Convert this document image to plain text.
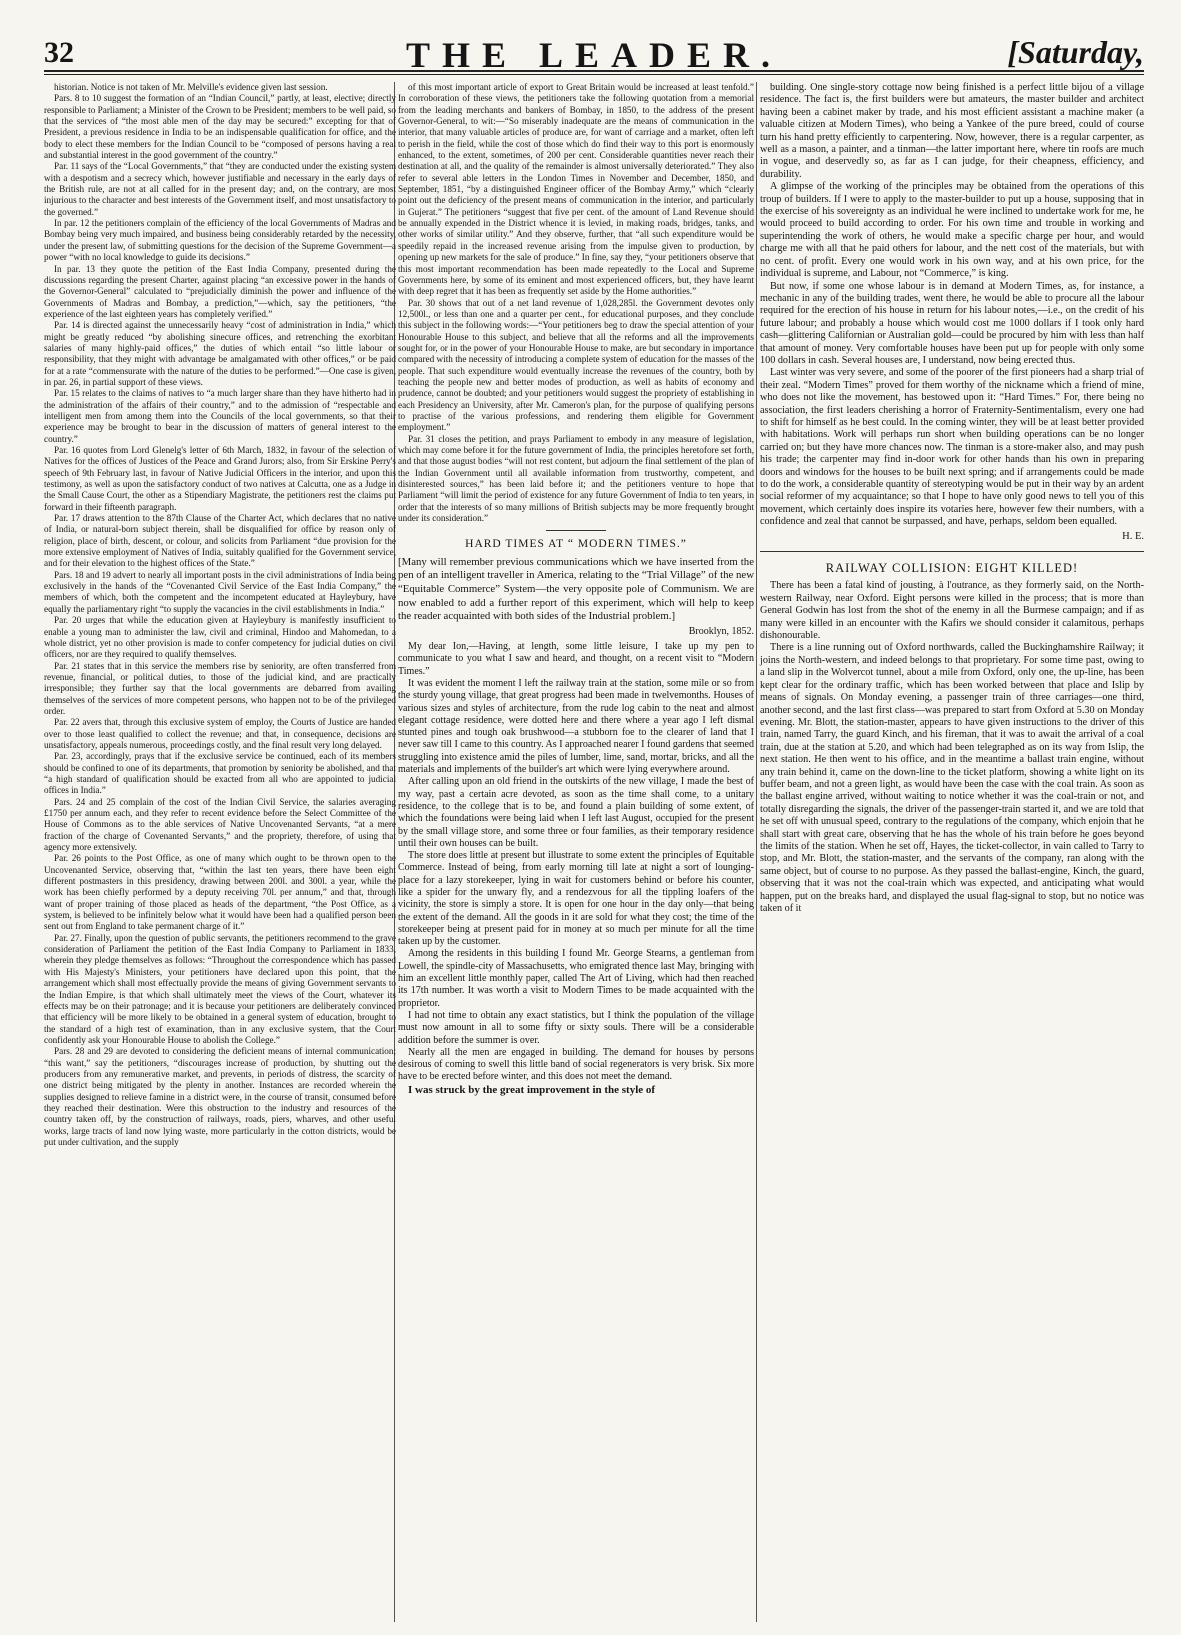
32	THE LEADER.	[Saturday,

historian. Notice is not taken of Mr. Melville's evidence given last session.

Pars. 8 to 10 suggest the formation of an “Indian Council,” partly, at least, elective; directly responsible to Parliament; a Minister of the Crown to be President; members to be well paid, so that the services of “the most able men of the day may be secured:” excepting for that of President, a previous residence in India to be an indispensable qualification for office, and the body to elect these members for the Indian Council to be “composed of persons having a real and substantial interest in the good government of the country.”

Par. 11 says of the “Local Governments,” that “they are conducted under the existing system with a despotism and a secrecy which, however justifiable and necessary in the early days of the British rule, are not at all called for in the present day; and, on the contrary, are most injurious to the character and best interests of the Government itself, and most unsatisfactory to the governed.”

In par. 12 the petitioners complain of the efficiency of the local Governments of Madras and Bombay being very much impaired, and business being considerably retarded by the necessity, under the present law, of submitting questions for the decision of the Supreme Government—a power “with no local knowledge to guide its decisions.”

In par. 13 they quote the petition of the East India Company, presented during the discussions regarding the present Charter, against placing “an excessive power in the hands of the Governor-General” calculated to “prejudicially diminish the power and influence of the Governments of Madras and Bombay, a prediction,”—which, say the petitioners, “the experience of the last eighteen years has completely verified.”

Par. 14 is directed against the unnecessarily heavy “cost of administration in India,” which might be greatly reduced “by abolishing sinecure offices, and retrenching the exorbitant salaries of many highly-paid offices,” the duties of which entail “so little labour or responsibility, that they might with advantage be amalgamated with other offices,” or be paid for at a rate “commensurate with the nature of the duties to be performed.”—One case is given, in par. 26, in partial support of these views.

Par. 15 relates to the claims of natives to “a much larger share than they have hitherto had in the administration of the affairs of their country,” and to the admission of “respectable and intelligent men from among them into the Councils of the local governments, so that their experience may be brought to bear in the discussion of matters of general interest to the country.”

Par. 16 quotes from Lord Glenelg's letter of 6th March, 1832, in favour of the selection of Natives for the offices of Justices of the Peace and Grand Jurors; also, from Sir Erskine Perry's speech of 9th February last, in favour of Native Judicial Officers in the interior, and upon this testimony, as well as upon the satisfactory conduct of two natives at Calcutta, one as a Judge in the Small Cause Court, the other as a Stipendiary Magistrate, the petitioners rest the claims put forward in their fifteenth paragraph.

Par. 17 draws attention to the 87th Clause of the Charter Act, which declares that no native of India, or natural-born subject therein, shall be disqualified for office by reason only of religion, place of birth, descent, or colour, and solicits from Parliament “due provision for the more extensive employment of Natives of India, suitably qualified for the Government service, and for their elevation to the highest offices of the State.”

Pars. 18 and 19 advert to nearly all important posts in the civil administrations of India being exclusively in the hands of the “Covenanted Civil Service of the East India Company,” the members of which, both the competent and the incompetent educated at Hayleybury, have equally the parliamentary right “to supply the vacancies in the civil establishments in India.”

Par. 20 urges that while the education given at Hayleybury is manifestly insufficient to enable a young man to administer the law, civil and criminal, Hindoo and Mahomedan, to a whole district, yet no other provision is made to confer competency for judicial duties on civil officers, nor are they required to qualify themselves.

Par. 21 states that in this service the members rise by seniority, are often transferred from revenue, financial, or political duties, to those of the judicial kind, and are practically irresponsible; they further say that the local governments are debarred from availing themselves of the services of more competent persons, who happen not to be of the privileged order.

Par. 22 avers that, through this exclusive system of employ, the Courts of Justice are handed over to those least qualified to collect the revenue; and that, in consequence, decisions are unsatisfactory, appeals numerous, proceedings costly, and the final result very long delayed.

Par. 23, accordingly, prays that if the exclusive service be continued, each of its members should be confined to one of its departments, that promotion by seniority be abolished, and that “a high standard of qualification should be exacted from all who are appointed to judicial offices in India.”

Pars. 24 and 25 complain of the cost of the Indian Civil Service, the salaries averaging £1750 per annum each, and they refer to recent evidence before the Select Committee of the House of Commons as to the able services of Native Uncovenanted Servants, “at a mere fraction of the charge of Covenanted Servants,” and the propriety, therefore, of using that agency more extensively.

Par. 26 points to the Post Office, as one of many which ought to be thrown open to the Uncovenanted Service, observing that, “within the last ten years, there have been eight different postmasters in this presidency, drawing between 200l. and 300l. a year, while the work has been chiefly performed by a deputy receiving 70l. per annum,” and that, through want of proper training of those placed as heads of the department, “the Post Office, as a system, is believed to be infinitely below what it would have been had a qualified person been sent out from England to take permanent charge of it.”

Par. 27. Finally, upon the question of public servants, the petitioners recommend to the grave consideration of Parliament the petition of the East India Company to Parliament in 1833, wherein they pledge themselves as follows: “Throughout the correspondence which has passed with His Majesty's Ministers, your petitioners have declared upon this point, that the arrangement which shall most effectually provide the means of giving Government servants to the Indian Empire, is that which shall ultimately meet the views of the Court, whatever its effects may be on their patronage; and it is because your petitioners are deliberately convinced that efficiency will be more likely to be obtained in a general system of education, brought to the standard of a high test of examination, than in any exclusive system, that the Court confidently ask your Honourable House to abolish the College.”

Pars. 28 and 29 are devoted to considering the deficient means of internal communication; “this want,” say the petitioners, “discourages increase of production, by shutting out the producers from any remunerative market, and prevents, in periods of distress, the scarcity of one district being mitigated by the plenty in another. Instances are recorded wherein the supplies designed to relieve famine in a district were, in the course of transit, consumed before they reached their destination. Were this obstruction to the industry and resources of the country taken off, by the construction of railways, roads, piers, wharves, and other useful works, large tracts of land now lying waste, more particularly in the cotton districts, would be put under cultivation, and the supply

of this most important article of export to Great Britain would be increased at least tenfold.” In corroboration of these views, the petitioners take the following quotation from a memorial from the leading merchants and bankers of Bombay, in 1850, to the address of the present Governor-General, to wit:—“So miserably inadequate are the means of communication in the interior, that many valuable articles of produce are, for want of carriage and a market, often left to perish in the field, while the cost of those which do find their way to this port is enormously enhanced, to the extent, sometimes, of 200 per cent. Considerable quantities never reach their destination at all, and the quality of the remainder is almost universally deteriorated.” They also refer to several able letters in the London Times in November and December, 1850, and September, 1851, “by a distinguished Engineer officer of the Bombay Army,” which “clearly point out the deficiency of the present means of communication in the interior, and particularly in Gujerat.” The petitioners “suggest that five per cent. of the amount of Land Revenue should be annually expended in the District whence it is levied, in making roads, bridges, tanks, and other works of similar utility.” And they observe, further, that “all such expenditure would be speedily repaid in the increased revenue arising from the impulse given to production, by opening up new markets for the sale of produce.” In fine, say they, “your petitioners observe that this most important recommendation has been made repeatedly to the Local and Supreme Governments here, by some of its eminent and most experienced officers, but, they have learnt with deep regret that it has been as frequently set aside by the Home authorities.”

Par. 30 shows that out of a net land revenue of 1,028,285l. the Government devotes only 12,500l., or less than one and a quarter per cent., for educational purposes, and they conclude this subject in the following words:—“Your petitioners beg to draw the special attention of your Honourable House to this subject, and believe that all the reforms and all the improvements sought for, or in the power of your Honourable House to make, are but secondary in importance compared with the necessity of introducing a complete system of education for the masses of the people. That such expenditure would eventually increase the revenues of the country, both by teaching the people new and better modes of production, as well as habits of economy and prudence, cannot be doubted; and your petitioners would suggest the propriety of establishing in each Presidency an University, after Mr. Cameron's plan, for the purpose of qualifying persons to practise of the various professions, and rendering them eligible for Government employment.”

Par. 31 closes the petition, and prays Parliament to embody in any measure of legislation, which may come before it for the future government of India, the principles heretofore set forth, and that those august bodies “will not rest content, but adjourn the final settlement of the plan of the Indian Government until all available information from trustworthy, competent, and disinterested sources,” has been laid before it; and the petitioners venture to hope that Parliament “will limit the period of existence for any future Government of India to ten years, in order that the interests of so many millions of British subjects may be more frequently brought under its consideration.”

HARD TIMES AT “ MODERN TIMES.”

[Many will remember previous communications which we have inserted from the pen of an intelligent traveller in America, relating to the “Trial Village” of the new “Equitable Commerce” System—the very opposite pole of Communism. We are now enabled to add a further report of this experiment, which will help to keep the reader acquainted with both sides of the Industrial problem.]

Brooklyn, 1852.

My dear Ion,—Having, at length, some little leisure, I take up my pen to communicate to you what I saw and heard, and thought, on a recent visit to “Modern Times.”

It was evident the moment I left the railway train at the station, some mile or so from the sturdy young village, that great progress had been made in twelvemonths. Houses of various sizes and styles of architecture, from the rude log cabin to the neat and almost elegant cottage residence, were dotted here and there where a year ago I left dismal stunted pines and tough oak brushwood—a stubborn foe to the clearer of land that I never saw till I came to this country. As I approached nearer I found gardens that seemed struggling into existence amid the piles of lumber, lime, sand, mortar, bricks, and all the materials and implements of the builder's art which were lying everywhere around.

After calling upon an old friend in the outskirts of the new village, I made the best of my way, past a certain acre devoted, as soon as the time shall come, to a unitary residence, to the college that is to be, and found a plain building of some extent, of which the foundations were being laid when I left last August, occupied for the present by the small village store, and some three or four families, as their temporary residence until their own houses can be built.

The store does little at present but illustrate to some extent the principles of Equitable Commerce. Instead of being, from early morning till late at night a sort of lounging-place for a lazy storekeeper, lying in wait for customers behind or before his counter, like a spider for the unwary fly, and a rendezvous for all the tippling loafers of the vicinity, the store is simply a store. It is open for one hour in the day only—that being the extent of the demand. All the goods in it are sold for what they cost; the time of the storekeeper being at present paid for in money at so much per minute for all the time taken up by the customer.

Among the residents in this building I found Mr. George Stearns, a gentleman from Lowell, the spindle-city of Massachusetts, who emigrated thence last May, bringing with him an excellent little monthly paper, called The Art of Living, which had then reached its 17th number. It was worth a visit to Modern Times to be made acquainted with the proprietor.

I had not time to obtain any exact statistics, but I think the population of the village must now amount in all to some fifty or sixty souls. There will be a considerable addition before the summer is over.

Nearly all the men are engaged in building. The demand for houses by persons desirous of coming to swell this little band of social regenerators is very brisk. Six more have to be erected before winter, and this does not meet the demand.

I was struck by the great improvement in the style of

building. One single-story cottage now being finished is a perfect little bijou of a village residence. The fact is, the first builders were but amateurs, the master builder and architect having been a cabinet maker by trade, and his most efficient assistant a machine maker (a valuable citizen at Modern Times), who being a Yankee of the pure breed, could of course turn his hand pretty efficiently to carpentering. Now, however, there is a regular carpenter, as well as a mason, a painter, and a tinman—the latter important here, where tin roofs are much in vogue, and deservedly so, as far as I can judge, for their cheapness, efficiency, and durability.

A glimpse of the working of the principles may be obtained from the operations of this troup of builders. If I were to apply to the master-builder to put up a house, supposing that in the exercise of his sovereignty as an individual he were inclined to undertake work for me, he would proceed to build according to order. For his own time and trouble in working and superintending the work of others, he would make a specific charge per hour, and would charge me with all that he paid others for labour, and the nett cost of the materials, but with no cent. of profit. Every one would work in his own way, and at his own price, for the individual is supreme, and Labour, not “Commerce,” is king.

But now, if some one whose labour is in demand at Modern Times, as, for instance, a mechanic in any of the building trades, went there, he would be able to procure all the labour required for the erection of his house in return for his labour notes,—i.e., on the credit of his future labour; and probably a house which would cost me 1000 dollars if I took only hard cash—glittering Californian or Australian gold—could be procured by him with less than half that amount of money. Very comfortable houses have been put up for people with only some 100 dollars in cash. Several houses are, I understand, now being erected thus.

Last winter was very severe, and some of the poorer of the first pioneers had a sharp trial of their zeal. “Modern Times” proved for them worthy of the nickname which a friend of mine, who does not like the movement, has bestowed upon it: “Hard Times.” For, there being no association, the first leaders cherishing a horror of Fraternity-Sentimentalism, every one had to shift for himself as he best could. In the coming winter, they will be at least better provided with habitations. Work will perhaps run short when building operations can be no longer carried on; but they have more chances now. The tinman is a store-maker also, and may push his trade; the carpenter may find in-door work for other hands than his own in preparing doors and windows for the houses to be built next spring; and if arrangements could be made to do the work, a considerable quantity of stereotyping would be put in their way by an ardent social reformer of my acquaintance; so that I hope to have only good news to tell you of this movement, which certainly does inspire its votaries here, however few their numbers, with a confidence and zeal that cannot be surpassed, and have, perhaps, seldom been equalled.

H. E.
RAILWAY COLLISION: EIGHT KILLED!

There has been a fatal kind of jousting, à l'outrance, as they formerly said, on the North-western Railway, near Oxford. Eight persons were killed in the process; that is more than General Godwin has lost from the shot of the enemy in all the Burmese campaign; and if as many were killed in an encounter with the Kafirs we should consider it calamitous, perhaps dishonourable.

There is a line running out of Oxford northwards, called the Buckinghamshire Railway; it joins the North-western, and indeed belongs to that proprietary. For some time past, owing to a land slip in the Wolvercot tunnel, about a mile from Oxford, only one, the up-line, has been kept clear for the ordinary traffic, which has been worked between that place and Islip by means of signals. On Monday evening, a passenger train of three carriages—one third, another second, and the last first class—was prepared to start from Oxford at 5.30 on Monday evening. Mr. Blott, the station-master, appears to have given instructions to the driver of this train, named Tarry, the guard Kinch, and his fireman, that it was to await the arrival of a coal train, due at the station at 5.20, and which had been telegraphed as on its way from Islip, the next station. He then went to his office, and in the meantime a ballast train engine, without any train behind it, came on the down-line to the ticket platform, showing a white light on its buffer beam, and not a green light, as would have been the case with the coal train. As soon as the ballast engine arrived, without waiting to notice whether it was the coal-train or not, and totally disregarding the signals, the driver of the passenger-train started it, and we are told that he set off with unusual speed, contrary to the regulations of the company, which enjoin that he shall start with great care, observing that he has the whole of his train before he goes beyond the limits of the station. When he set off, Hayes, the ticket-collector, in vain called to Tarry to stop, and Mr. Blott, the station-master, and the servants of the company, ran along with the same object, but of course to no purpose. As they passed the ballast-engine, Kinch, the guard, observing that it was not the coal-train which was expected, and anticipating what would happen, put on the breaks hard, and displayed the usual flag-signal to stop, but no notice was taken of it
